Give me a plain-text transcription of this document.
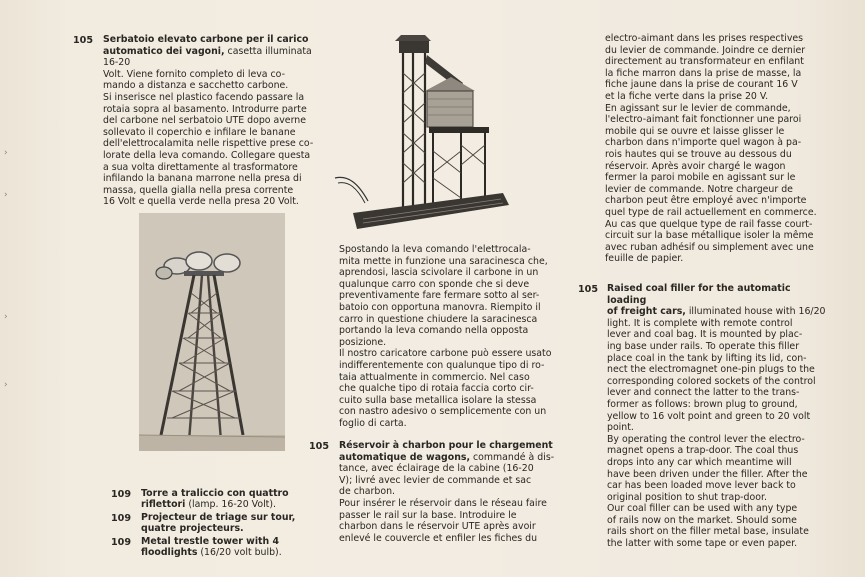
›
›
›
›
105 Serbatoio elevato carbone per il carico automatico dei vagoni, casetta illuminata 16-20
Volt. Viene fornito completo di leva co-
mando a distanza e sacchetto carbone.
Si inserisce nel plastico facendo passare la
rotaia sopra al basamento. Introdurre parte
del carbone nel serbatoio UTE dopo averne
sollevato il coperchio e infilare le banane
dell'elettrocalamita nelle rispettive prese co-
lorate della leva comando. Collegare questa
a sua volta direttamente al trasformatore
infilando la banana marrone nella presa di
massa, quella gialla nella presa corrente
16 Volt e quella verde nella presa 20 Volt.
109 Torre a traliccio con quattro
riflettori (lamp. 16-20 Volt).
109 Projecteur de triage sur tour,
quatre projecteurs.
109 Metal trestle tower with 4
floodlights (16/20 volt bulb).
Spostando la leva comando l'elettrocala-
mita mette in funzione una saracinesca che,
aprendosi, lascia scivolare il carbone in un
qualunque carro con sponde che si deve
preventivamente fare fermare sotto al ser-
batoio con opportuna manovra. Riempito il
carro in questione chiudere la saracinesca
portando la leva comando nella opposta
posizione.
Il nostro caricatore carbone può essere usato
indifferentemente con qualunque tipo di ro-
taia attualmente in commercio. Nel caso
che qualche tipo di rotaia faccia corto cir-
cuito sulla base metallica isolare la stessa
con nastro adesivo o semplicemente con un
foglio di carta.
105 Réservoir à charbon pour le chargement
automatique de wagons, commandé à dis-
tance, avec éclairage de la cabine (16-20
V); livré avec levier de commande et sac
de charbon.
Pour insérer le réservoir dans le réseau faire
passer le rail sur la base. Introduire le
charbon dans le réservoir UTE après avoir
enlevé le couvercle et enfiler les fiches du
electro-aimant dans les prises respectives
du levier de commande. Joindre ce dernier
directement au transformateur en enfilant
la fiche marron dans la prise de masse, la
fiche jaune dans la prise de courant 16 V
et la fiche verte dans la prise 20 V.
En agissant sur le levier de commande,
l'electro-aimant fait fonctionner une paroi
mobile qui se ouvre et laisse glisser le
charbon dans n'importe quel wagon à pa-
rois hautes qui se trouve au dessous du
réservoir. Après avoir chargé le wagon
fermer la paroi mobile en agissant sur le
levier de commande. Notre chargeur de
charbon peut être employé avec n'importe
quel type de rail actuellement en commerce.
Au cas que quelque type de rail fasse court-
circuit sur la base métallique isoler la même
avec ruban adhésif ou simplement avec une
feuille de papier.
105 Raised coal filler for the automatic loading
of freight cars, illuminated house with 16/20
light. It is complete with remote control
lever and coal bag. It is mounted by plac-
ing base under rails. To operate this filler
place coal in the tank by lifting its lid, con-
nect the electromagnet one-pin plugs to the
corresponding colored sockets of the control
lever and connect the latter to the trans-
former as follows: brown plug to ground,
yellow to 16 volt point and green to 20 volt
point.
By operating the control lever the electro-
magnet opens a trap-door. The coal thus
drops into any car which meantime will
have been driven under the filler. After the
car has been loaded move lever back to
original position to shut trap-door.
Our coal filler can be used with any type
of rails now on the market. Should some
rails short on the filler metal base, insulate
the latter with some tape or even paper.
